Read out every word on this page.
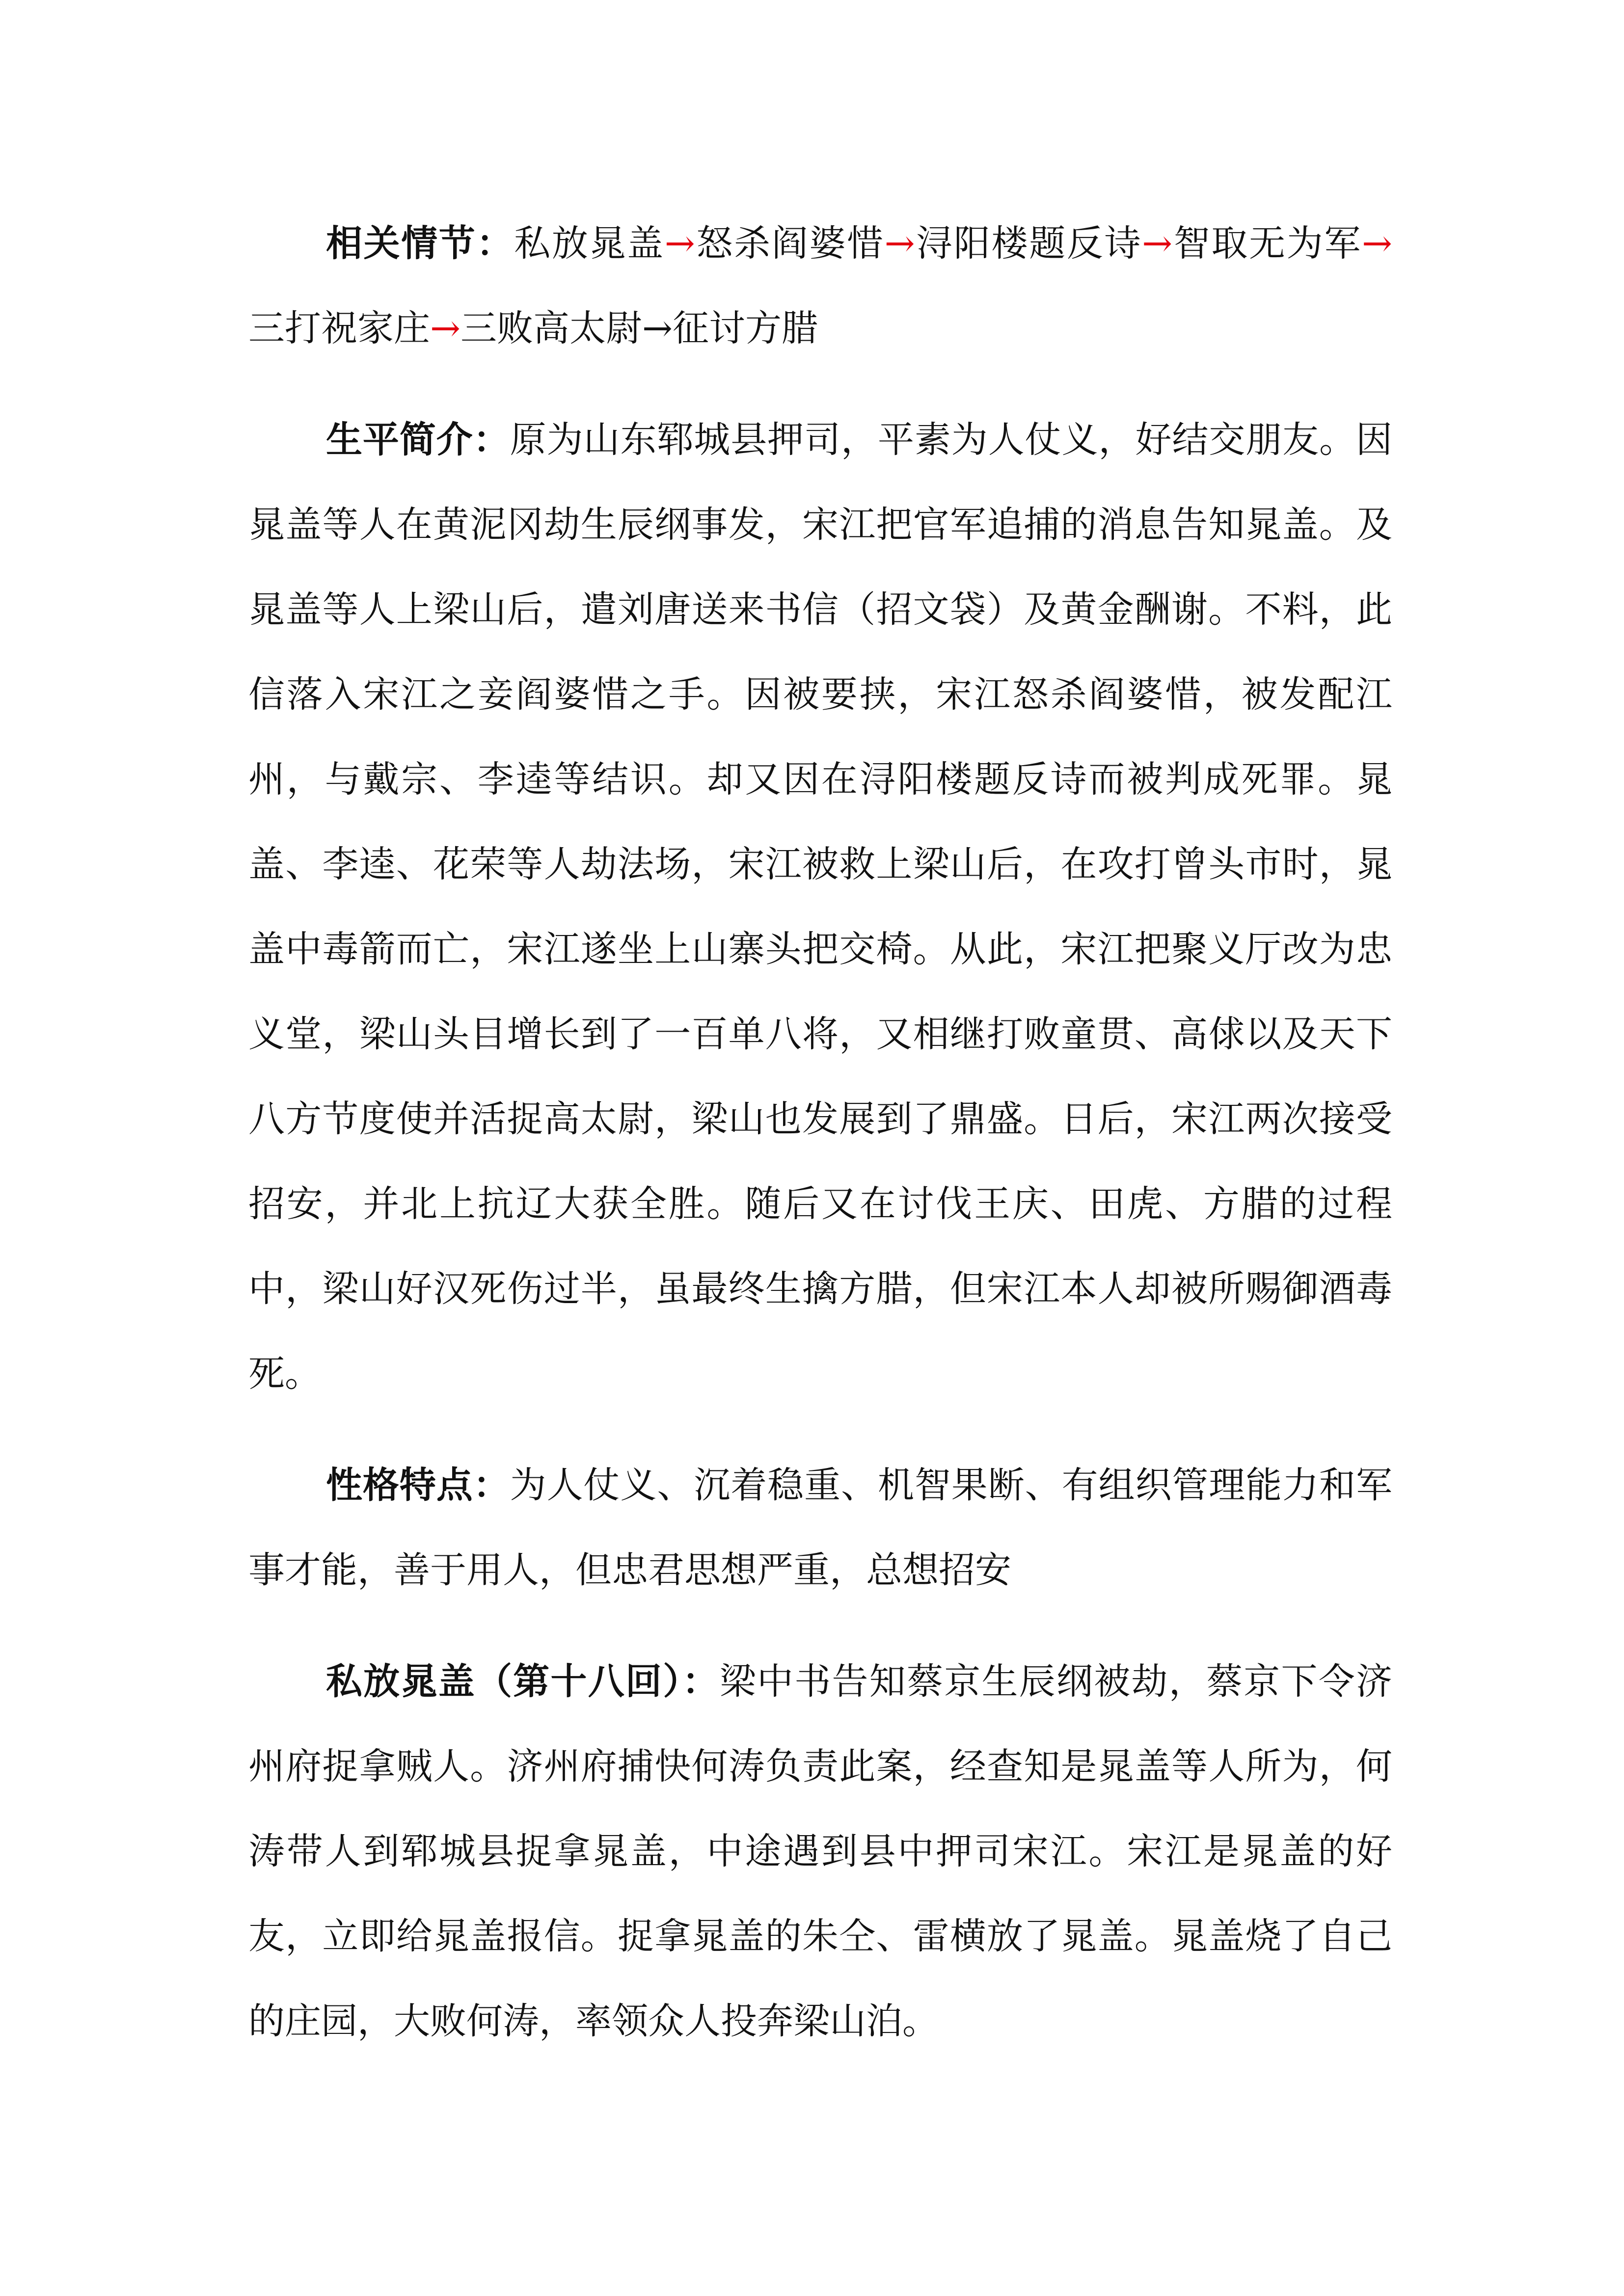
相关情节：私放晁盖→怒杀阎婆惜→浔阳楼题反诗→智取无为军→三打祝家庄→三败高太尉→征讨方腊

生平简介：原为山东郓城县押司，平素为人仗义，好结交朋友。因晁盖等人在黄泥冈劫生辰纲事发，宋江把官军追捕的消息告知晁盖。及晁盖等人上梁山后，遣刘唐送来书信（招文袋）及黄金酬谢。不料，此信落入宋江之妾阎婆惜之手。因被要挟，宋江怒杀阎婆惜，被发配江州，与戴宗、李逵等结识。却又因在浔阳楼题反诗而被判成死罪。晁盖、李逵、花荣等人劫法场，宋江被救上梁山后，在攻打曾头市时，晁盖中毒箭而亡，宋江遂坐上山寨头把交椅。从此，宋江把聚义厅改为忠义堂，梁山头目增长到了一百单八将，又相继打败童贯、高俅以及天下八方节度使并活捉高太尉，梁山也发展到了鼎盛。日后，宋江两次接受招安，并北上抗辽大获全胜。随后又在讨伐王庆、田虎、方腊的过程中，梁山好汉死伤过半，虽最终生擒方腊，但宋江本人却被所赐御酒毒死。

性格特点：为人仗义、沉着稳重、机智果断、有组织管理能力和军事才能，善于用人，但忠君思想严重，总想招安

私放晁盖（第十八回）：梁中书告知蔡京生辰纲被劫，蔡京下令济州府捉拿贼人。济州府捕快何涛负责此案，经查知是晁盖等人所为，何涛带人到郓城县捉拿晁盖，中途遇到县中押司宋江。宋江是晁盖的好友，立即给晁盖报信。捉拿晁盖的朱仝、雷横放了晁盖。晁盖烧了自己的庄园，大败何涛，率领众人投奔梁山泊。
